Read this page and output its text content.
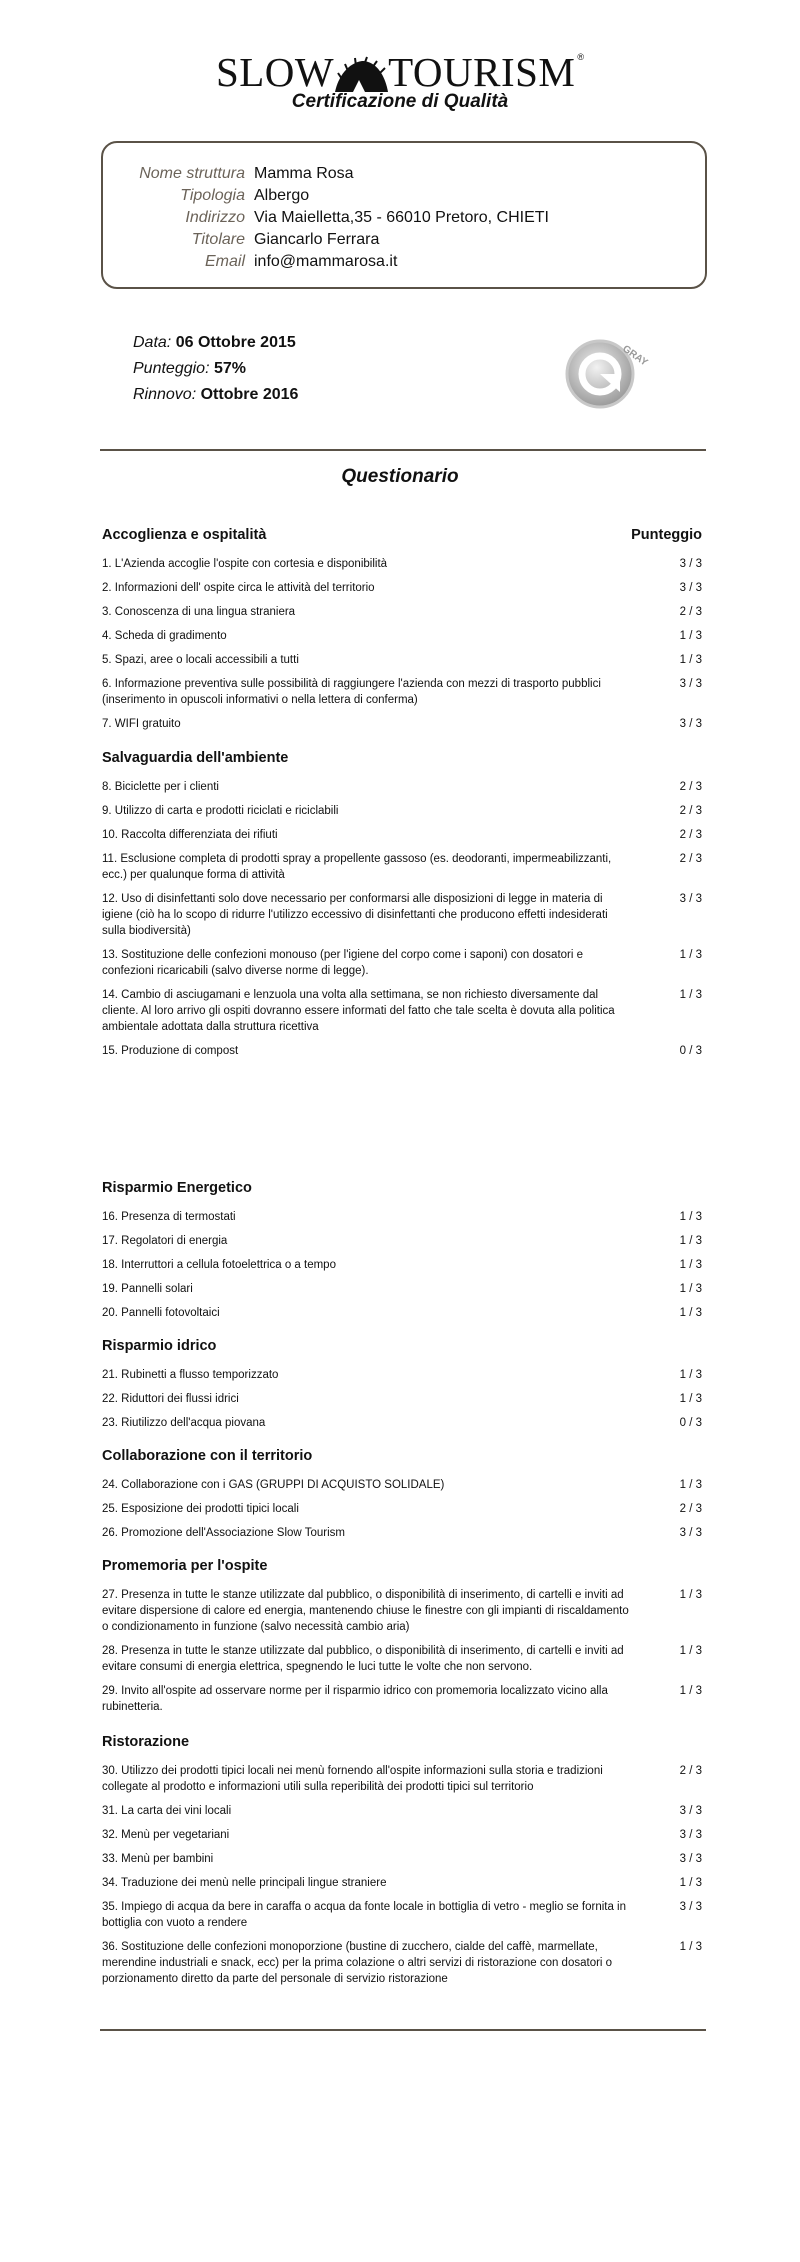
SLOW TOURISM ®
Certificazione di Qualità
Nome struttura Mamma Rosa
Tipologia Albergo
Indirizzo Via Maielletta,35 - 66010 Pretoro, CHIETI
Titolare Giancarlo Ferrara
Email info@mammarosa.it
Data: 06 Ottobre 2015
Punteggio: 57%
Rinnovo: Ottobre 2016
GRAY
Questionario
Accoglienza e ospitalità	Punteggio
1. L'Azienda accoglie l'ospite con cortesia e disponibilità	3 / 3
2. Informazioni dell' ospite circa le attività del territorio	3 / 3
3. Conoscenza di una lingua straniera	2 / 3
4. Scheda di gradimento	1 / 3
5. Spazi, aree o locali accessibili a tutti	1 / 3
6. Informazione preventiva sulle possibilità di raggiungere l'azienda con mezzi di trasporto pubblici (inserimento in opuscoli informativi o nella lettera di conferma)
3 / 3
7. WIFI gratuito	3 / 3
Salvaguardia dell'ambiente
8. Biciclette per i clienti	2 / 3
9. Utilizzo di carta e prodotti riciclati e riciclabili	2 / 3
10. Raccolta differenziata dei rifiuti	2 / 3
11. Esclusione completa di prodotti spray a propellente gassoso (es. deodoranti, impermeabilizzanti, ecc.) per qualunque forma di attività
2 / 3
12. Uso di disinfettanti solo dove necessario per conformarsi alle disposizioni di legge in materia di igiene (ciò ha lo scopo di ridurre l'utilizzo eccessivo di disinfettanti che producono effetti indesiderati sulla biodiversità)
3 / 3
13. Sostituzione delle confezioni monouso (per l'igiene del corpo come i saponi) con dosatori e confezioni ricaricabili (salvo diverse norme di legge).
1 / 3
14. Cambio di asciugamani e lenzuola una volta alla settimana, se non richiesto diversamente dal cliente. Al loro arrivo gli ospiti dovranno essere informati del fatto che tale scelta è dovuta alla politica ambientale adottata dalla struttura ricettiva
1 / 3
15. Produzione di compost	0 / 3
Risparmio Energetico
16. Presenza di termostati	1 / 3
17. Regolatori di energia	1 / 3
18. Interruttori a cellula fotoelettrica o a tempo	1 / 3
19. Pannelli solari	1 / 3
20. Pannelli fotovoltaici	1 / 3
Risparmio idrico
21. Rubinetti a flusso temporizzato	1 / 3
22. Riduttori dei flussi idrici	1 / 3
23. Riutilizzo dell'acqua piovana	0 / 3
Collaborazione con il territorio
24. Collaborazione con i GAS (GRUPPI DI ACQUISTO SOLIDALE)	1 / 3
25. Esposizione dei prodotti tipici locali	2 / 3
26. Promozione dell'Associazione Slow Tourism	3 / 3
Promemoria per l'ospite
27. Presenza in tutte le stanze utilizzate dal pubblico, o disponibilità di inserimento, di cartelli e inviti ad evitare dispersione di calore ed energia, mantenendo chiuse le finestre con gli impianti di riscaldamento o condizionamento in funzione (salvo necessità cambio aria)
1 / 3
28. Presenza in tutte le stanze utilizzate dal pubblico, o disponibilità di inserimento, di cartelli e inviti ad evitare consumi di energia elettrica, spegnendo le luci tutte le volte che non servono.
1 / 3
29. Invito all'ospite ad osservare norme per il risparmio idrico con promemoria localizzato vicino alla rubinetteria.
1 / 3
Ristorazione
30. Utilizzo dei prodotti tipici locali nei menù fornendo all'ospite informazioni sulla storia e tradizioni collegate al prodotto e informazioni utili sulla reperibilità dei prodotti tipici sul territorio
2 / 3
31. La carta dei vini locali	3 / 3
32. Menù per vegetariani	3 / 3
33. Menù per bambini	3 / 3
34. Traduzione dei menù nelle principali lingue straniere	1 / 3
35. Impiego di acqua da bere in caraffa o acqua da fonte locale in bottiglia di vetro - meglio se fornita in bottiglia con vuoto a rendere
3 / 3
36. Sostituzione delle confezioni monoporzione (bustine di zucchero, cialde del caffè, marmellate, merendine industriali e snack, ecc) per la prima colazione o altri servizi di ristorazione con dosatori o porzionamento diretto da parte del personale di servizio ristorazione
1 / 3
